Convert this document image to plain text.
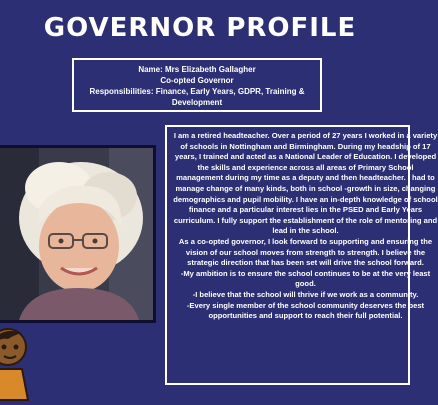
GOVERNOR PROFILE
Name: Mrs Elizabeth Gallagher
Co-opted Governor
Responsibilities: Finance, Early Years, GDPR, Training &
Development

I am a retired headteacher. Over a period of 27 years I worked in a variety of schools in Nottingham and Birmingham. During my headship of 17 years, I trained and acted as a National Leader of Education. I developed the skills and experience across all areas of Primary School management during my time as a deputy and then headteacher. I had to manage change of many kinds, both in school -growth in size, changing demographics and pupil mobility. I have an in-depth knowledge of school finance and a particular interest lies in the PSED and Early Years curriculum. I fully support the establishment of the role of mentoring and lead in the school.

As a co-opted governor, I look forward to supporting and ensuring the vision of our school moves from strength to strength. I believe the strategic direction that has been set will drive the school forward.

-My ambition is to ensure the school continues to be at the very least good.

-I believe that the school will thrive if we work as a community.

-Every single member of the school community deserves the best opportunities and support to reach their full potential.
